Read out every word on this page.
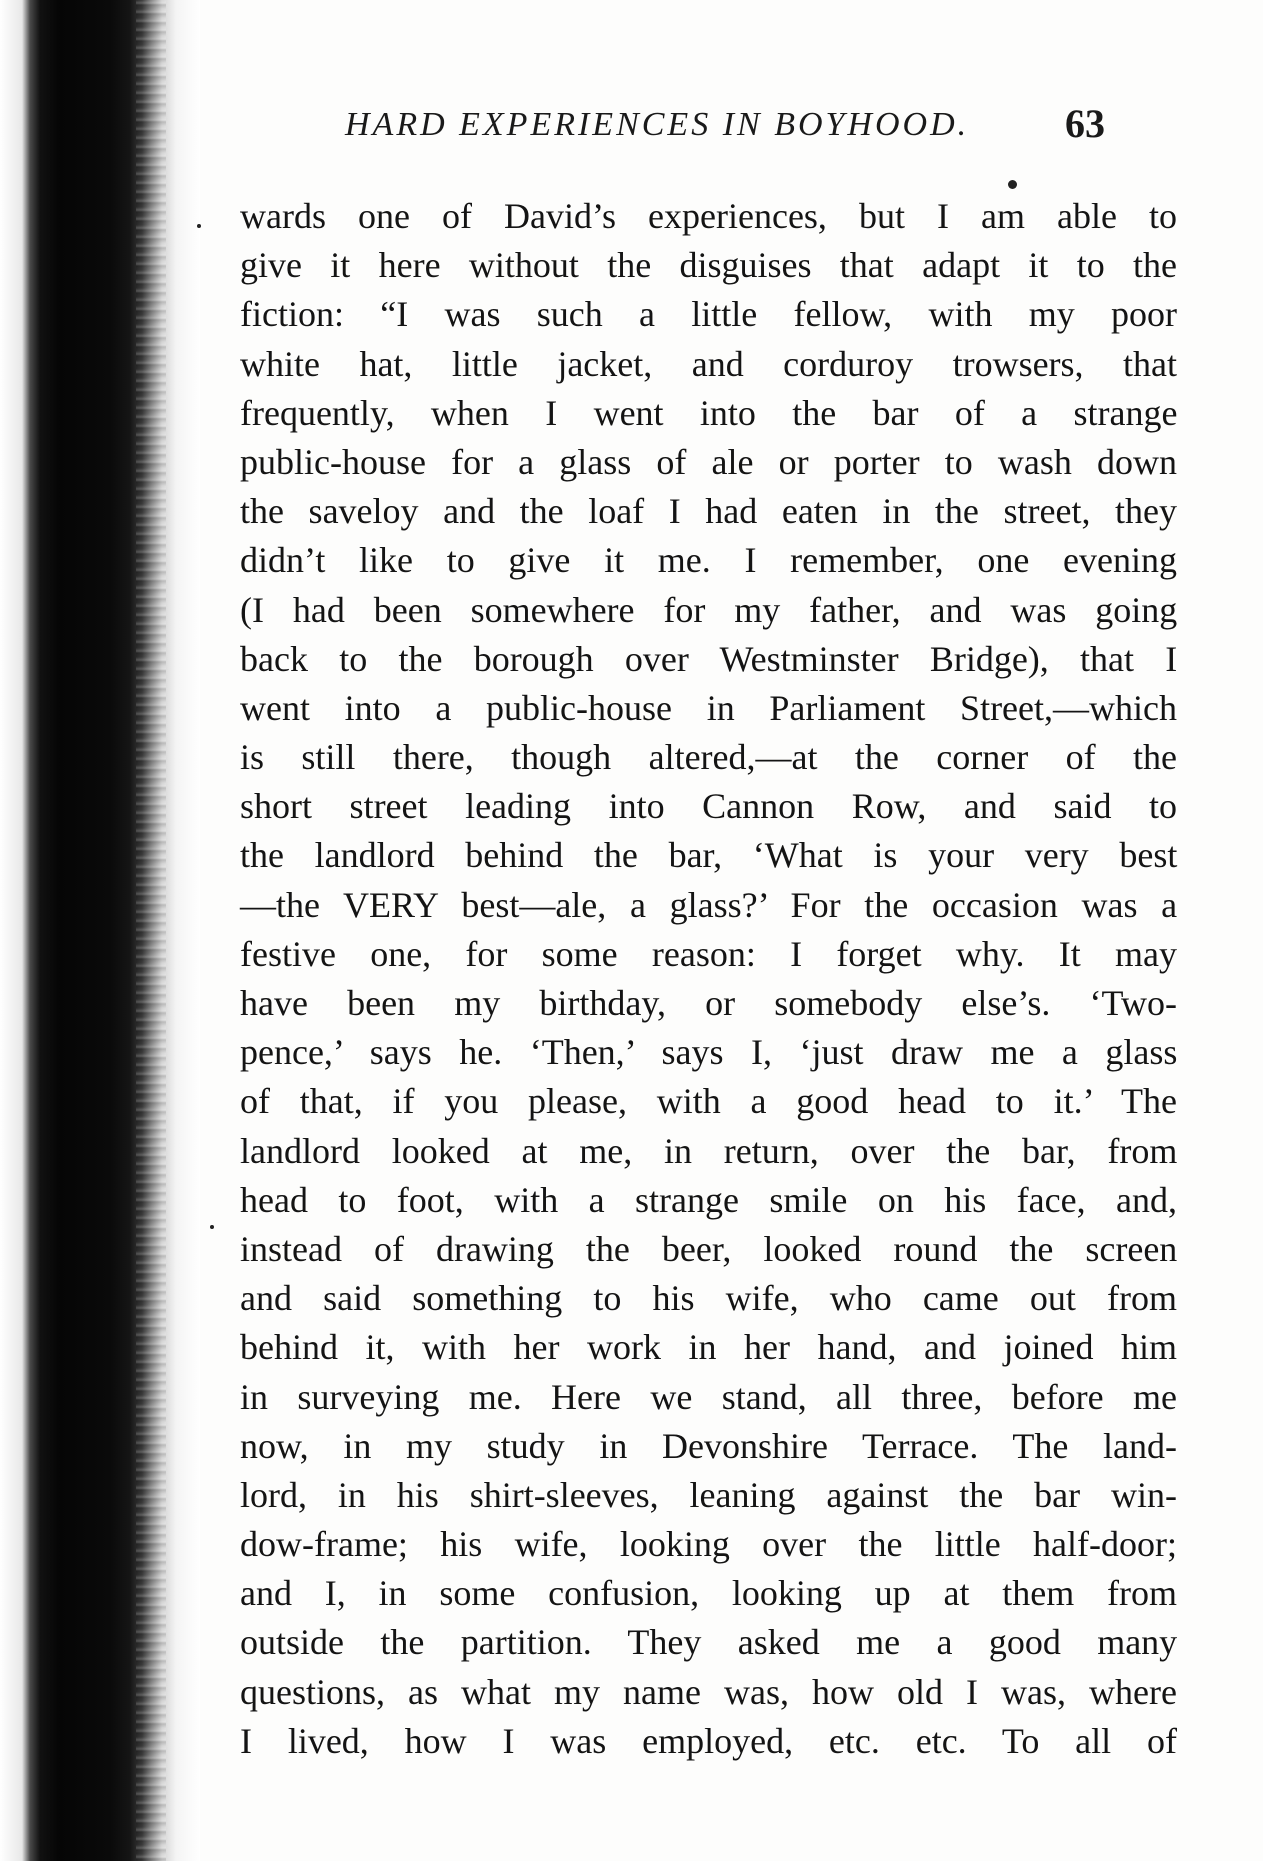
HARD EXPERIENCES IN BOYHOOD. 63
wards one of David’s experiences, but I am able to
give it here without the disguises that adapt it to the
fiction: “I was such a little fellow, with my poor
white hat, little jacket, and corduroy trowsers, that
frequently, when I went into the bar of a strange
public-house for a glass of ale or porter to wash down
the saveloy and the loaf I had eaten in the street, they
didn’t like to give it me. I remember, one evening
(I had been somewhere for my father, and was going
back to the borough over Westminster Bridge), that I
went into a public-house in Parliament Street,—which
is still there, though altered,—at the corner of the
short street leading into Cannon Row, and said to
the landlord behind the bar, ‘What is your very best
—the VERY best—ale, a glass?’ For the occasion was a
festive one, for some reason: I forget why. It may
have been my birthday, or somebody else’s. ‘Two-
pence,’ says he. ‘Then,’ says I, ‘just draw me a glass
of that, if you please, with a good head to it.’ The
landlord looked at me, in return, over the bar, from
head to foot, with a strange smile on his face, and,
instead of drawing the beer, looked round the screen
and said something to his wife, who came out from
behind it, with her work in her hand, and joined him
in surveying me. Here we stand, all three, before me
now, in my study in Devonshire Terrace. The land-
lord, in his shirt-sleeves, leaning against the bar win-
dow-frame; his wife, looking over the little half-door;
and I, in some confusion, looking up at them from
outside the partition. They asked me a good many
questions, as what my name was, how old I was, where
I lived, how I was employed, etc. etc. To all of
